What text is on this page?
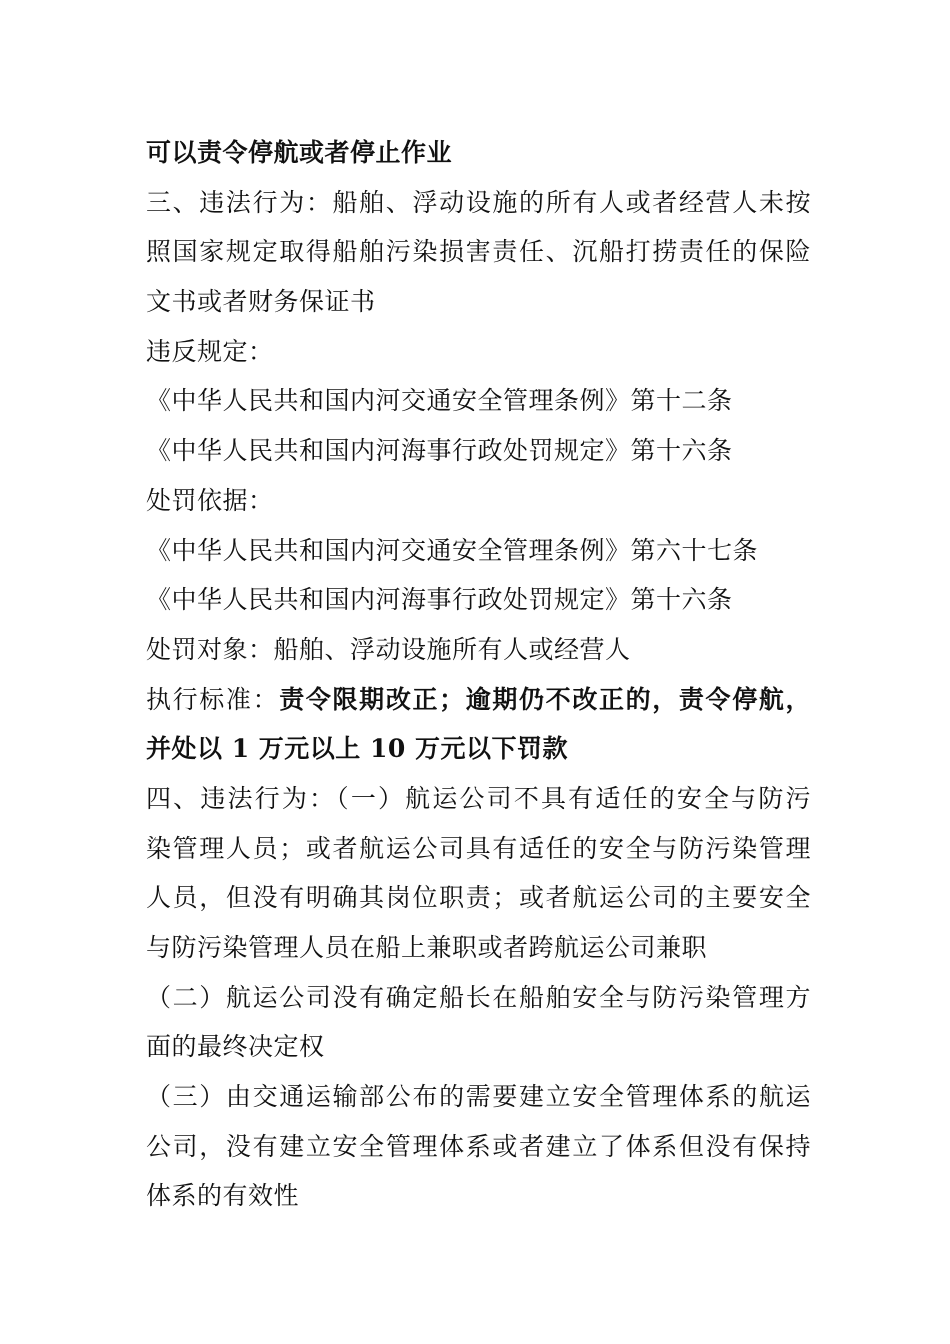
可以责令停航或者停止作业
三、违法行为：船舶、浮动设施的所有人或者经营人未按
照国家规定取得船舶污染损害责任、沉船打捞责任的保险
文书或者财务保证书
违反规定：
《中华人民共和国内河交通安全管理条例》第十二条
《中华人民共和国内河海事行政处罚规定》第十六条
处罚依据：
《中华人民共和国内河交通安全管理条例》第六十七条
《中华人民共和国内河海事行政处罚规定》第十六条
处罚对象：船舶、浮动设施所有人或经营人
执行标准：责令限期改正；逾期仍不改正的，责令停航，
并处以 1 万元以上 10 万元以下罚款
四、违法行为：（一）航运公司不具有适任的安全与防污
染管理人员；或者航运公司具有适任的安全与防污染管理
人员，但没有明确其岗位职责；或者航运公司的主要安全
与防污染管理人员在船上兼职或者跨航运公司兼职
（二）航运公司没有确定船长在船舶安全与防污染管理方
面的最终决定权
（三）由交通运输部公布的需要建立安全管理体系的航运
公司，没有建立安全管理体系或者建立了体系但没有保持
体系的有效性
